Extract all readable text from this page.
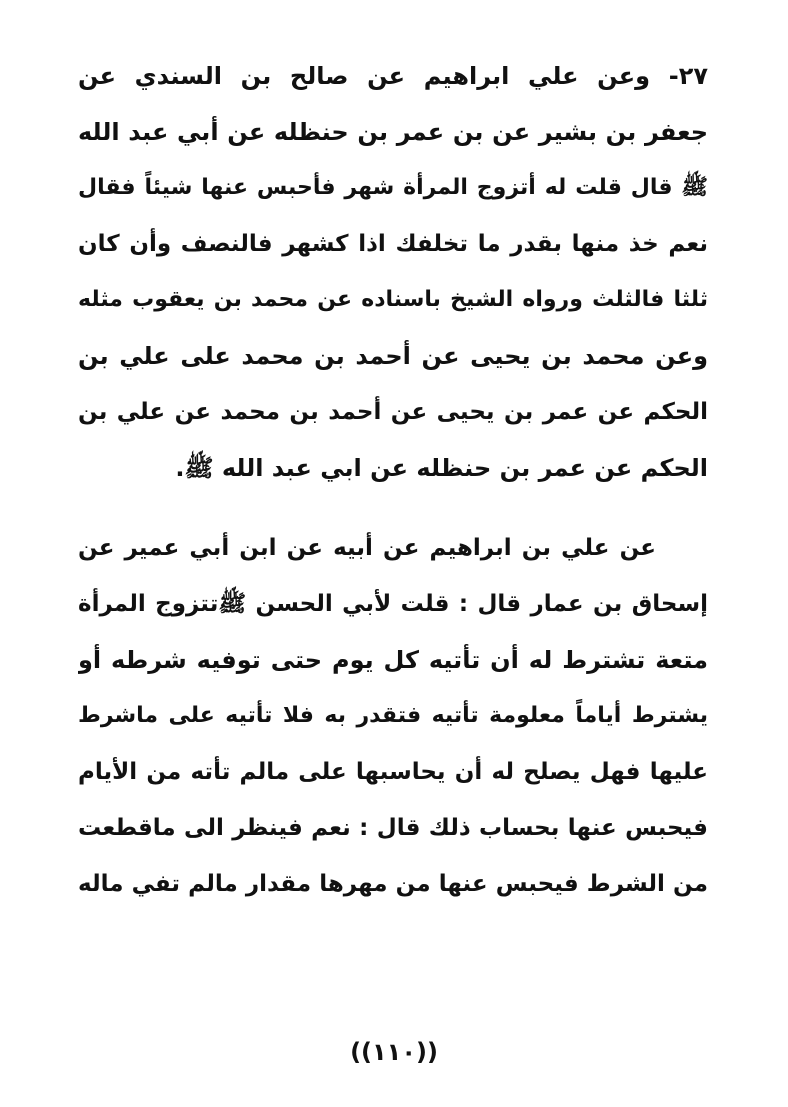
٢٧- وعن علي ابراهيم عن صالح بن السندي عن
جعفر بن بشير عن بن عمر بن حنظله عن أبي عبد الله
ﷺ قال قلت له أتزوج المرأة شهر فأحبس عنها شيئاً فقال
نعم خذ منها بقدر ما تخلفك اذا كشهر فالنصف وأن كان
ثلثا فالثلث ورواه الشيخ باسناده عن محمد بن يعقوب مثله
وعن محمد بن يحيى عن أحمد بن محمد على علي بن
الحكم عن عمر بن يحيى عن أحمد بن محمد عن علي بن
الحكم عن عمر بن حنظله عن ابي عبد الله ﷺ.
عن علي بن ابراهيم عن أبيه عن ابن أبي عمير عن
إسحاق بن عمار قال : قلت لأبي الحسن ﷺتتزوج المرأة
متعة تشترط له أن تأتيه كل يوم حتى توفيه شرطه أو
يشترط أياماً معلومة تأتيه فتقدر به فلا تأتيه على ماشرط
عليها فهل يصلح له أن يحاسبها على مالم تأته من الأيام
فيحبس عنها بحساب ذلك قال : نعم فينظر الى ماقطعت
من الشرط فيحبس عنها من مهرها مقدار مالم تفي ماله
((١١٠))
